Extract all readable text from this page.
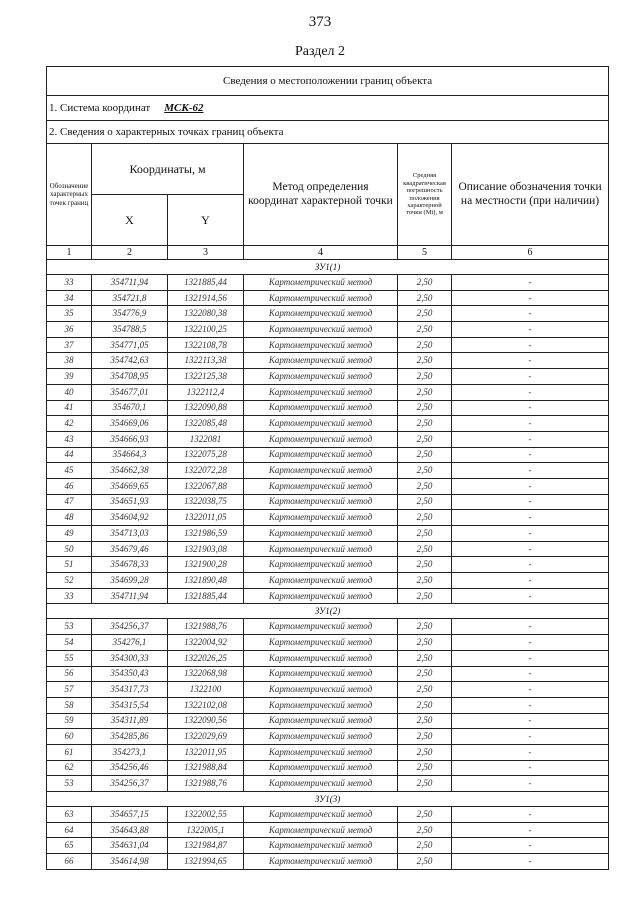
373
Раздел 2
Сведения о местоположении границ объекта					
1. Система координат МСК-62					
2. Сведения о характерных точках границ объекта					
Обозначение характерных точек границ	Координаты, м		Метод определения координат характерной точки	Средняя квадратическая погрешность положения характерной точки (Mt), м	Описание обозначения точки на местности (при наличии)
	X	Y			
1	2	3	4	5	6
ЗУ1(1)					
33	354711,94	1321885,44	Картометрический метод	2,50	-
34	354721,8	1321914,56	Картометрический метод	2,50	-
35	354776,9	1322080,38	Картометрический метод	2,50	-
36	354788,5	1322100,25	Картометрический метод	2,50	-
37	354771,05	1322108,78	Картометрический метод	2,50	-
38	354742,63	1322113,38	Картометрический метод	2,50	-
39	354708,95	1322125,38	Картометрический метод	2,50	-
40	354677,01	1322112,4	Картометрический метод	2,50	-
41	354670,1	1322090,88	Картометрический метод	2,50	-
42	354669,06	1322085,48	Картометрический метод	2,50	-
43	354666,93	1322081	Картометрический метод	2,50	-
44	354664,3	1322075,28	Картометрический метод	2,50	-
45	354662,38	1322072,28	Картометрический метод	2,50	-
46	354669,65	1322067,88	Картометрический метод	2,50	-
47	354651,93	1322038,75	Картометрический метод	2,50	-
48	354604,92	1322011,05	Картометрический метод	2,50	-
49	354713,03	1321986,59	Картометрический метод	2,50	-
50	354679,46	1321903,08	Картометрический метод	2,50	-
51	354678,33	1321900,28	Картометрический метод	2,50	-
52	354699,28	1321890,48	Картометрический метод	2,50	-
33	354711,94	1321885,44	Картометрический метод	2,50	-
ЗУ1(2)					
53	354256,37	1321988,76	Картометрический метод	2,50	-
54	354276,1	1322004,92	Картометрический метод	2,50	-
55	354300,33	1322026,25	Картометрический метод	2,50	-
56	354350,43	1322068,98	Картометрический метод	2,50	-
57	354317,73	1322100	Картометрический метод	2,50	-
58	354315,54	1322102,08	Картометрический метод	2,50	-
59	354311,89	1322090,56	Картометрический метод	2,50	-
60	354285,86	1322029,69	Картометрический метод	2,50	-
61	354273,1	1322011,95	Картометрический метод	2,50	-
62	354256,46	1321988,84	Картометрический метод	2,50	-
53	354256,37	1321988,76	Картометрический метод	2,50	-
ЗУ1(3)					
63	354657,15	1322002,55	Картометрический метод	2,50	-
64	354643,88	1322005,1	Картометрический метод	2,50	-
65	354631,04	1321984,87	Картометрический метод	2,50	-
66	354614,98	1321994,65	Картометрический метод	2,50	-
